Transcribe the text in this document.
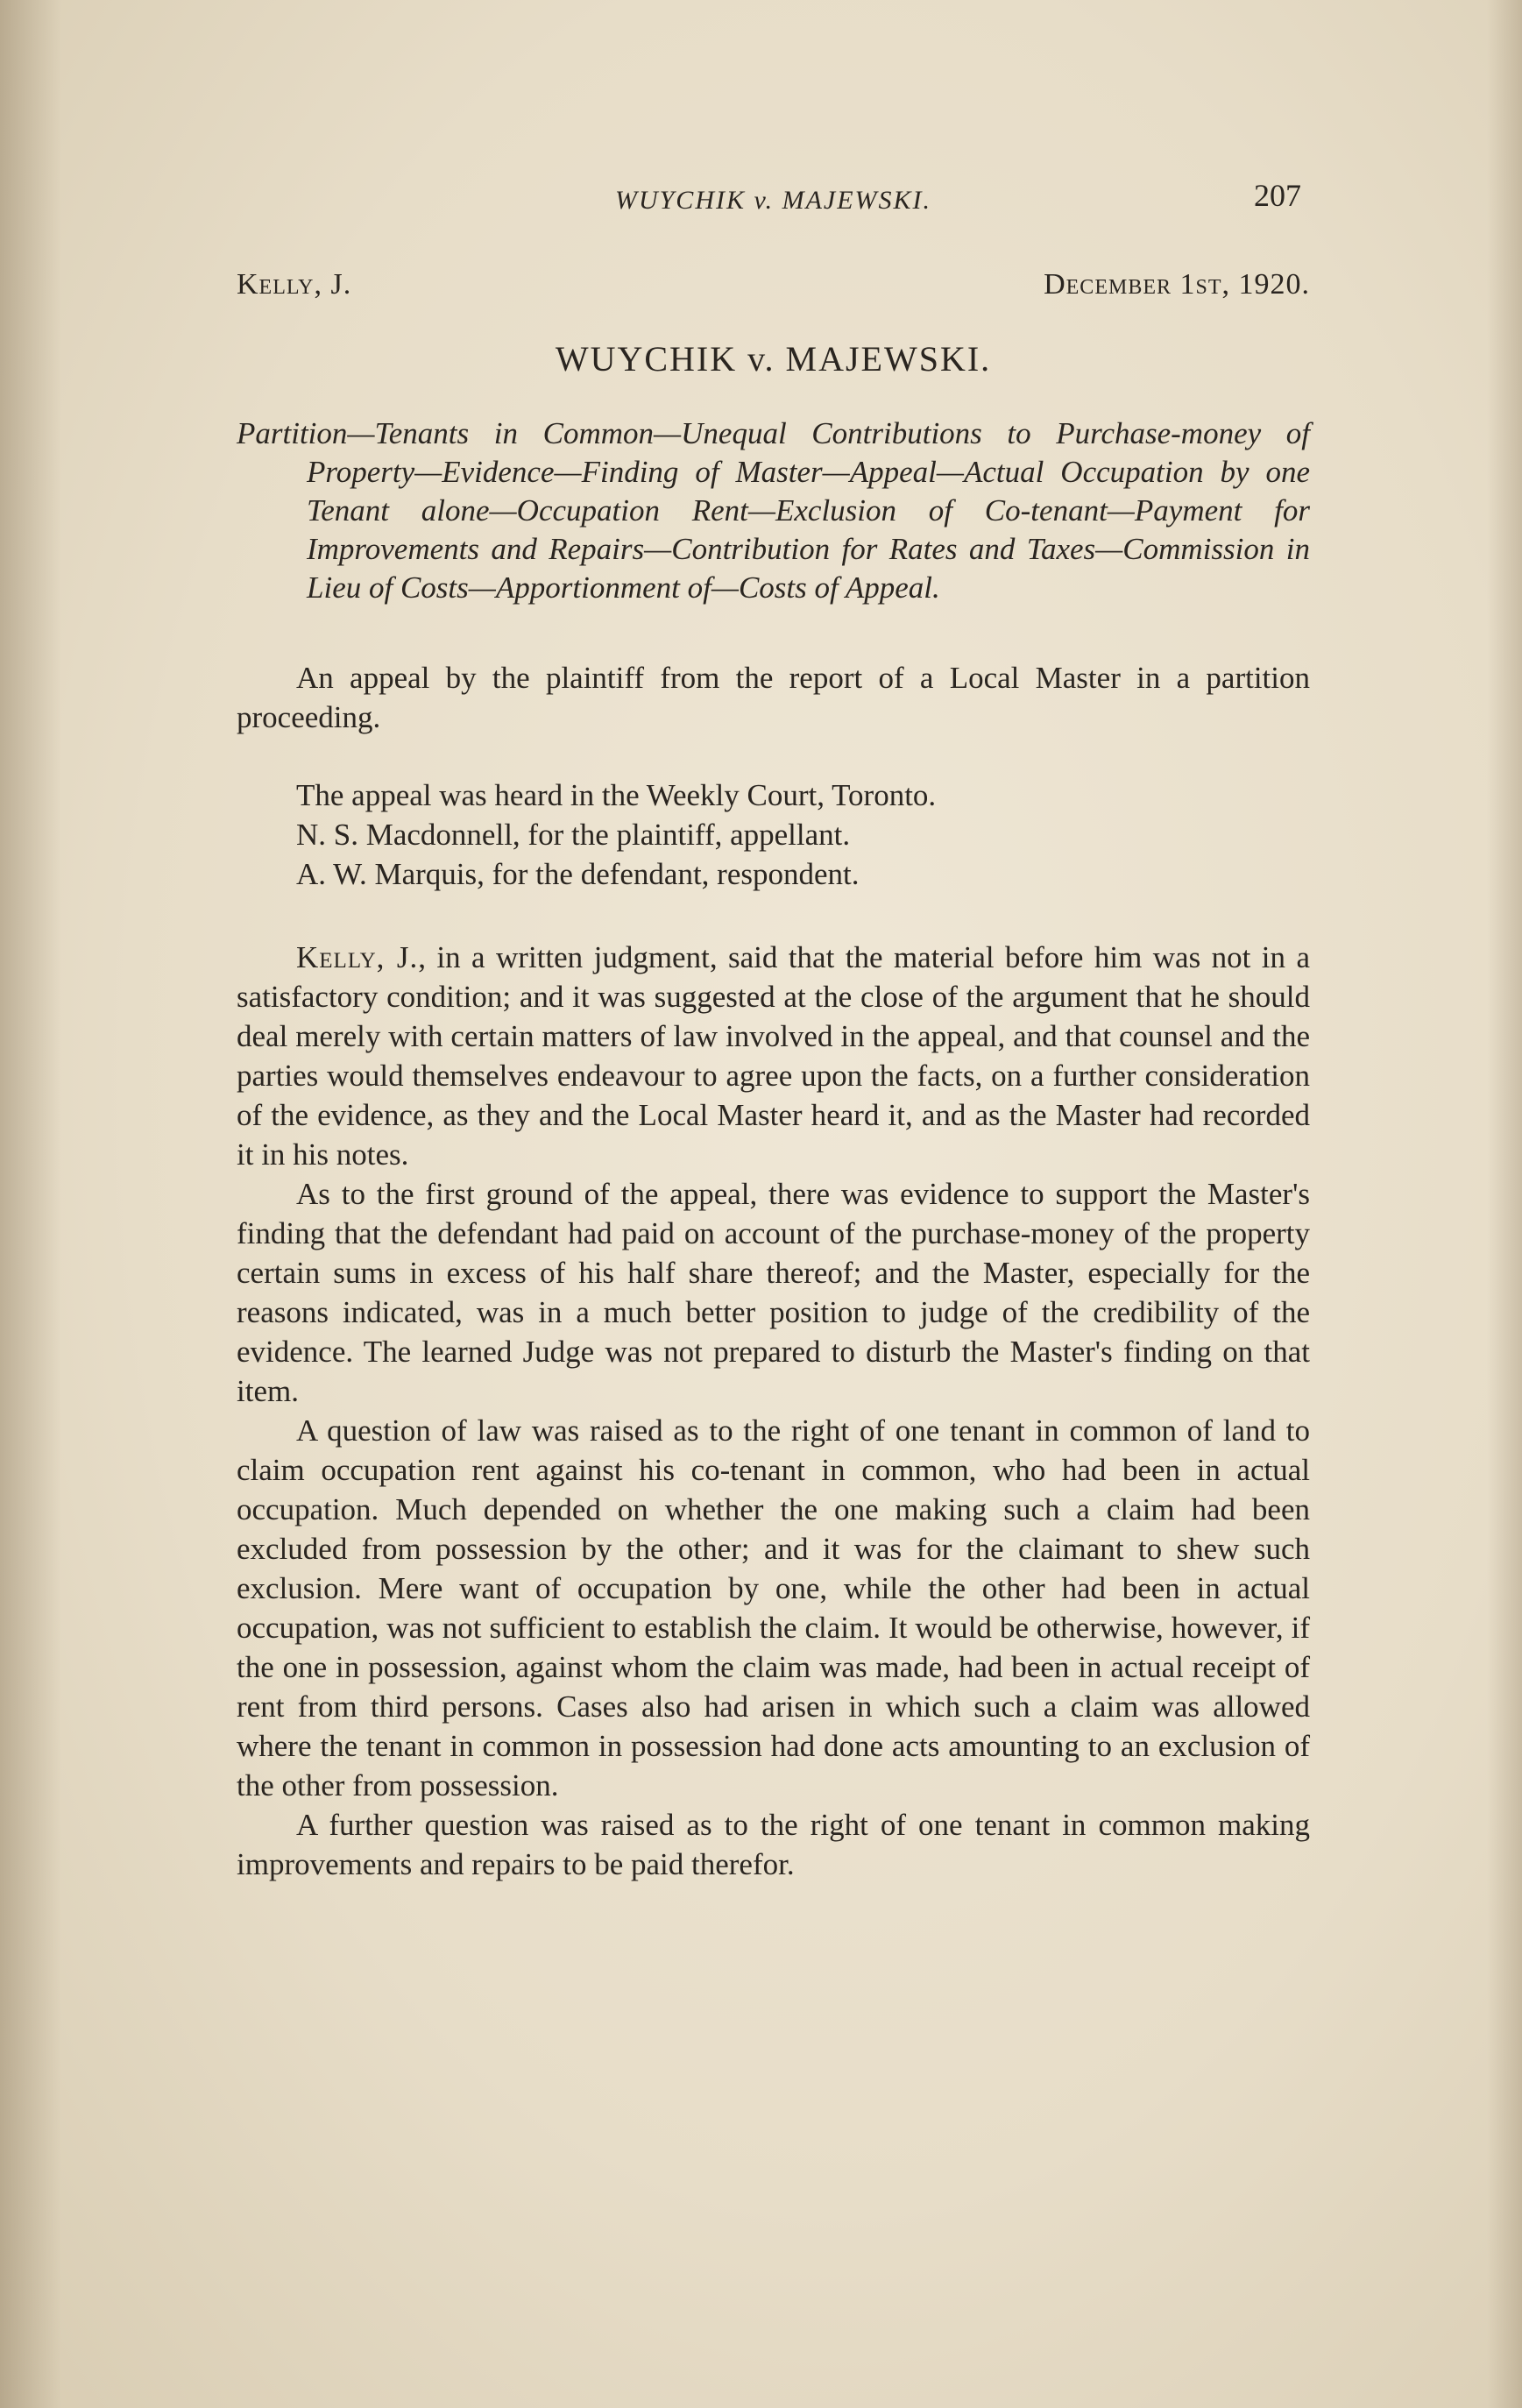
WUYCHIK v. MAJEWSKI.	207
Kelly, J.	December 1st, 1920.
WUYCHIK v. MAJEWSKI.

Partition—Tenants in Common—Unequal Contributions to Purchase-money of Property—Evidence—Finding of Master—Appeal—Actual Occupation by one Tenant alone—Occupation Rent—Exclusion of Co-tenant—Payment for Improvements and Repairs—Contribution for Rates and Taxes—Commission in Lieu of Costs—Apportionment of—Costs of Appeal.

An appeal by the plaintiff from the report of a Local Master in a partition proceeding.

The appeal was heard in the Weekly Court, Toronto.

N. S. Macdonnell, for the plaintiff, appellant.

A. W. Marquis, for the defendant, respondent.

Kelly, J., in a written judgment, said that the material before him was not in a satisfactory condition; and it was suggested at the close of the argument that he should deal merely with certain matters of law involved in the appeal, and that counsel and the parties would themselves endeavour to agree upon the facts, on a further consideration of the evidence, as they and the Local Master heard it, and as the Master had recorded it in his notes.

As to the first ground of the appeal, there was evidence to support the Master's finding that the defendant had paid on account of the purchase-money of the property certain sums in excess of his half share thereof; and the Master, especially for the reasons indicated, was in a much better position to judge of the credibility of the evidence. The learned Judge was not prepared to disturb the Master's finding on that item.

A question of law was raised as to the right of one tenant in common of land to claim occupation rent against his co-tenant in common, who had been in actual occupation. Much depended on whether the one making such a claim had been excluded from possession by the other; and it was for the claimant to shew such exclusion. Mere want of occupation by one, while the other had been in actual occupation, was not sufficient to establish the claim. It would be otherwise, however, if the one in possession, against whom the claim was made, had been in actual receipt of rent from third persons. Cases also had arisen in which such a claim was allowed where the tenant in common in possession had done acts amounting to an exclusion of the other from possession.

A further question was raised as to the right of one tenant in common making improvements and repairs to be paid therefor.
